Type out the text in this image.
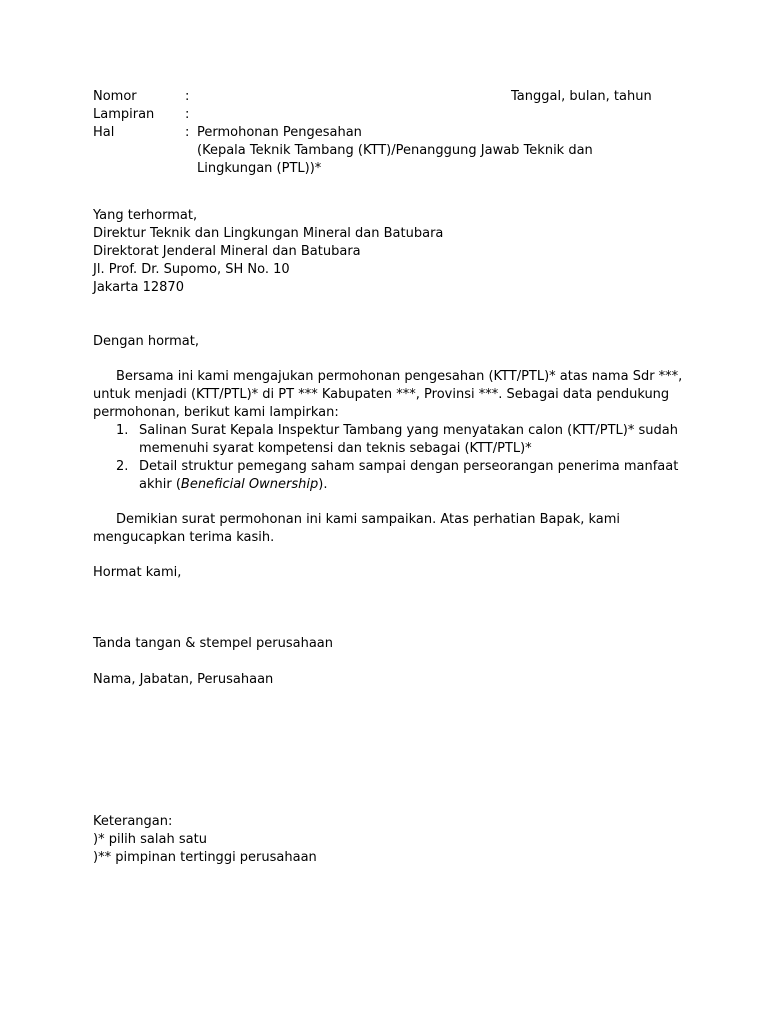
Nomor	:	Tanggal, bulan, tahun
Lampiran :
Hal	: Permohonan Pengesahan
(Kepala Teknik Tambang (KTT)/Penanggung Jawab Teknik dan
Lingkungan (PTL))*
Yang terhormat,
Direktur Teknik dan Lingkungan Mineral dan Batubara
Direktorat Jenderal Mineral dan Batubara
Jl. Prof. Dr. Supomo, SH No. 10
Jakarta 12870
Dengan hormat,
Bersama ini kami mengajukan permohonan pengesahan (KTT/PTL)* atas nama Sdr ***,
untuk menjadi (KTT/PTL)* di PT *** Kabupaten ***, Provinsi ***. Sebagai data pendukung
permohonan, berikut kami lampirkan:
1. Salinan Surat Kepala Inspektur Tambang yang menyatakan calon (KTT/PTL)* sudah
memenuhi syarat kompetensi dan teknis sebagai (KTT/PTL)*
2. Detail struktur pemegang saham sampai dengan perseorangan penerima manfaat
akhir (Beneficial Ownership).
Demikian surat permohonan ini kami sampaikan. Atas perhatian Bapak, kami
mengucapkan terima kasih.
Hormat kami,
Tanda tangan & stempel perusahaan
Nama, Jabatan, Perusahaan
Keterangan:
)* pilih salah satu
)** pimpinan tertinggi perusahaan
